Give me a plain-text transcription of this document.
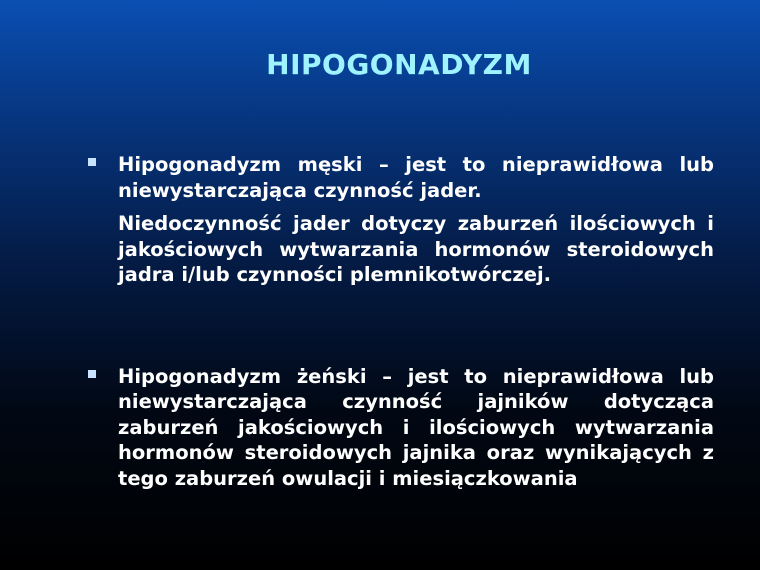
HIPOGONADYZM

Hipogonadyzm męski – jest to nieprawidłowa lub niewystarczająca czynność jader.

Niedoczynność jader dotyczy zaburzeń ilościowych i jakościowych wytwarzania hormonów steroidowych jadra i/lub czynności plemnikotwórczej.

Hipogonadyzm żeński – jest to nieprawidłowa lub niewystarczająca czynność jajników dotycząca zaburzeń jakościowych i ilościowych wytwarzania hormonów steroidowych jajnika oraz wynikających z tego zaburzeń owulacji i miesiączkowania
